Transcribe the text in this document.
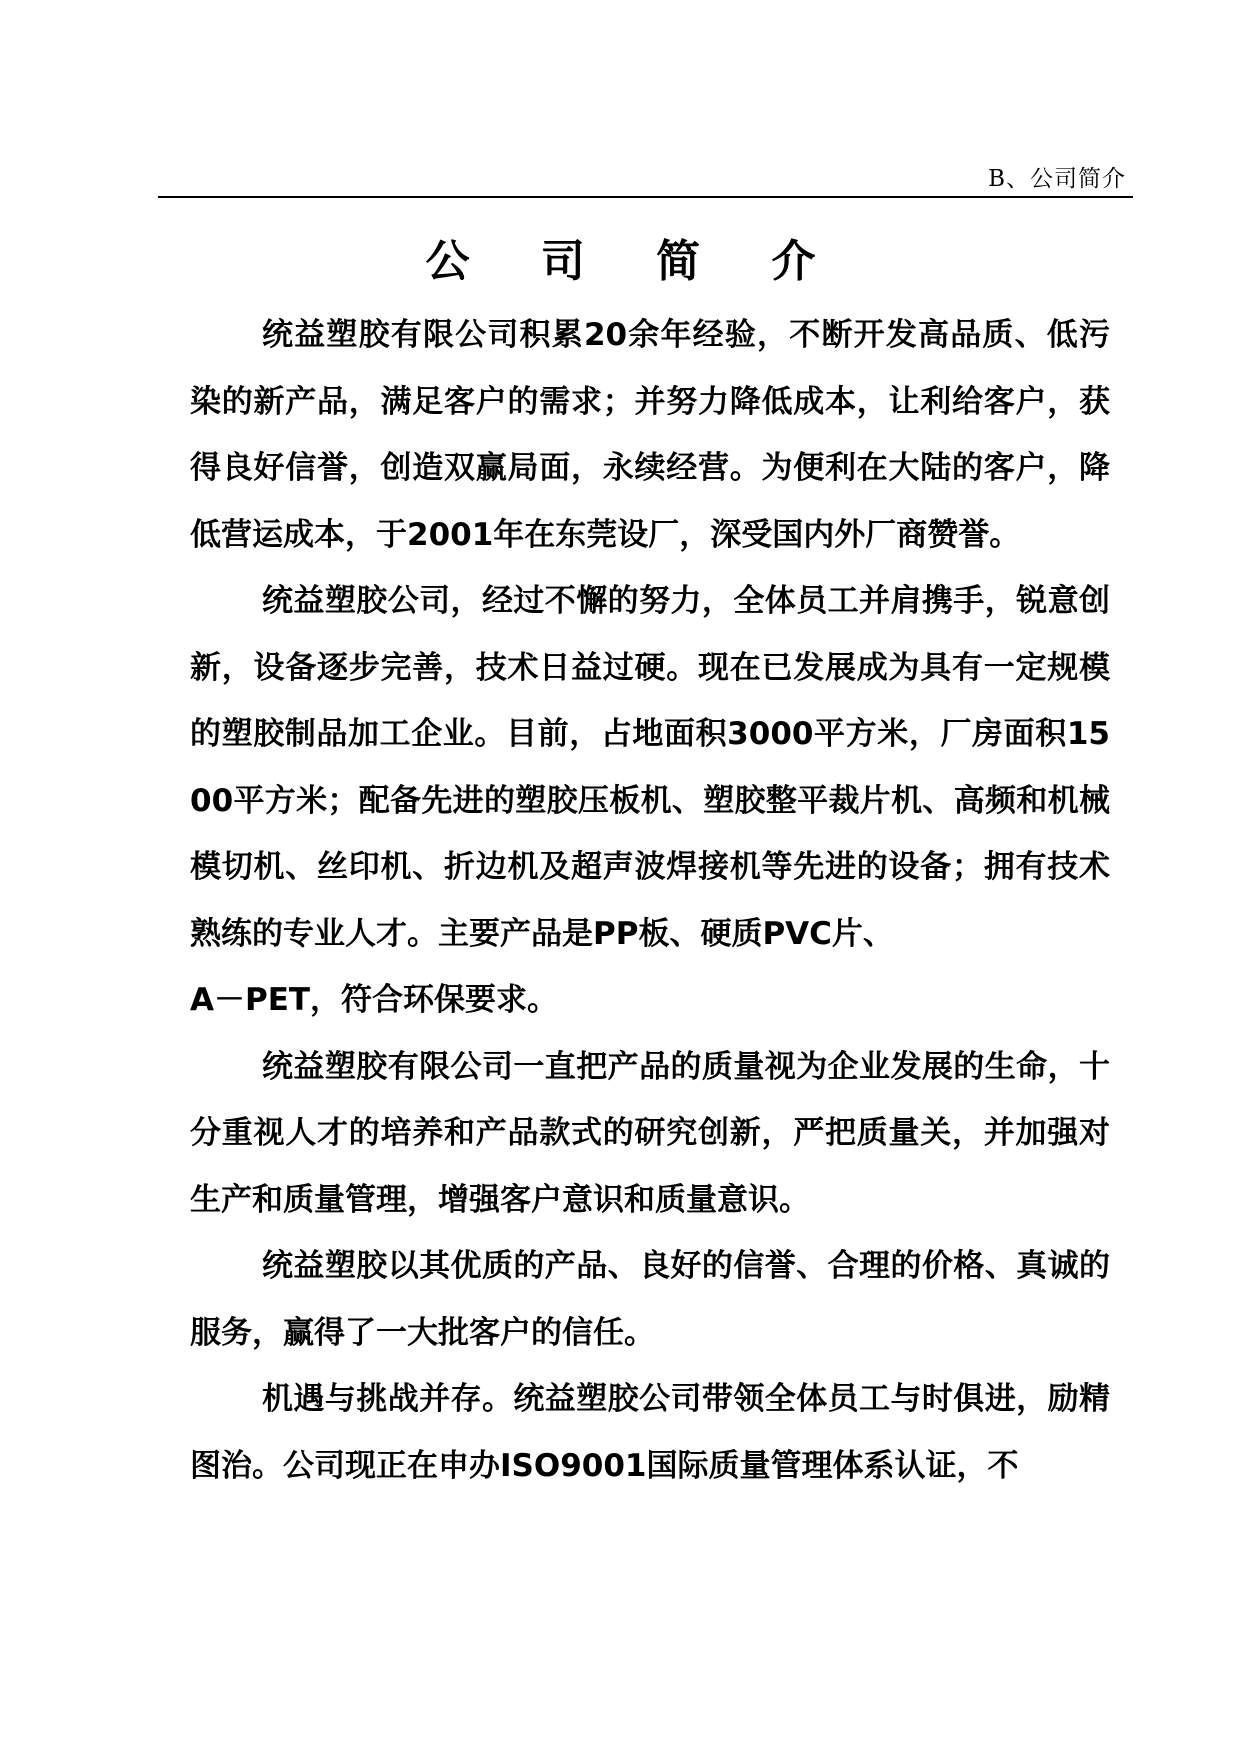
B、公司简介
公 司 简 介

统益塑胶有限公司积累20余年经验，不断开发高品质、低污染的新产品，满足客户的需求；并努力降低成本，让利给客户，获得良好信誉，创造双赢局面，永续经营。为便利在大陆的客户，降低营运成本，于2001年在东莞设厂，深受国内外厂商赞誉。

统益塑胶公司，经过不懈的努力，全体员工并肩携手，锐意创新，设备逐步完善，技术日益过硬。现在已发展成为具有一定规模的塑胶制品加工企业。目前，占地面积3000平方米，厂房面积1500平方米；配备先进的塑胶压板机、塑胶整平裁片机、高频和机械模切机、丝印机、折边机及超声波焊接机等先进的设备；拥有技术熟练的专业人才。主要产品是PP板、硬质PVC片、

A－PET，符合环保要求。

统益塑胶有限公司一直把产品的质量视为企业发展的生命，十分重视人才的培养和产品款式的研究创新，严把质量关，并加强对生产和质量管理，增强客户意识和质量意识。

统益塑胶以其优质的产品、良好的信誉、合理的价格、真诚的服务，赢得了一大批客户的信任。

机遇与挑战并存。统益塑胶公司带领全体员工与时俱进，励精图治。公司现正在申办ISO9001国际质量管理体系认证，不
